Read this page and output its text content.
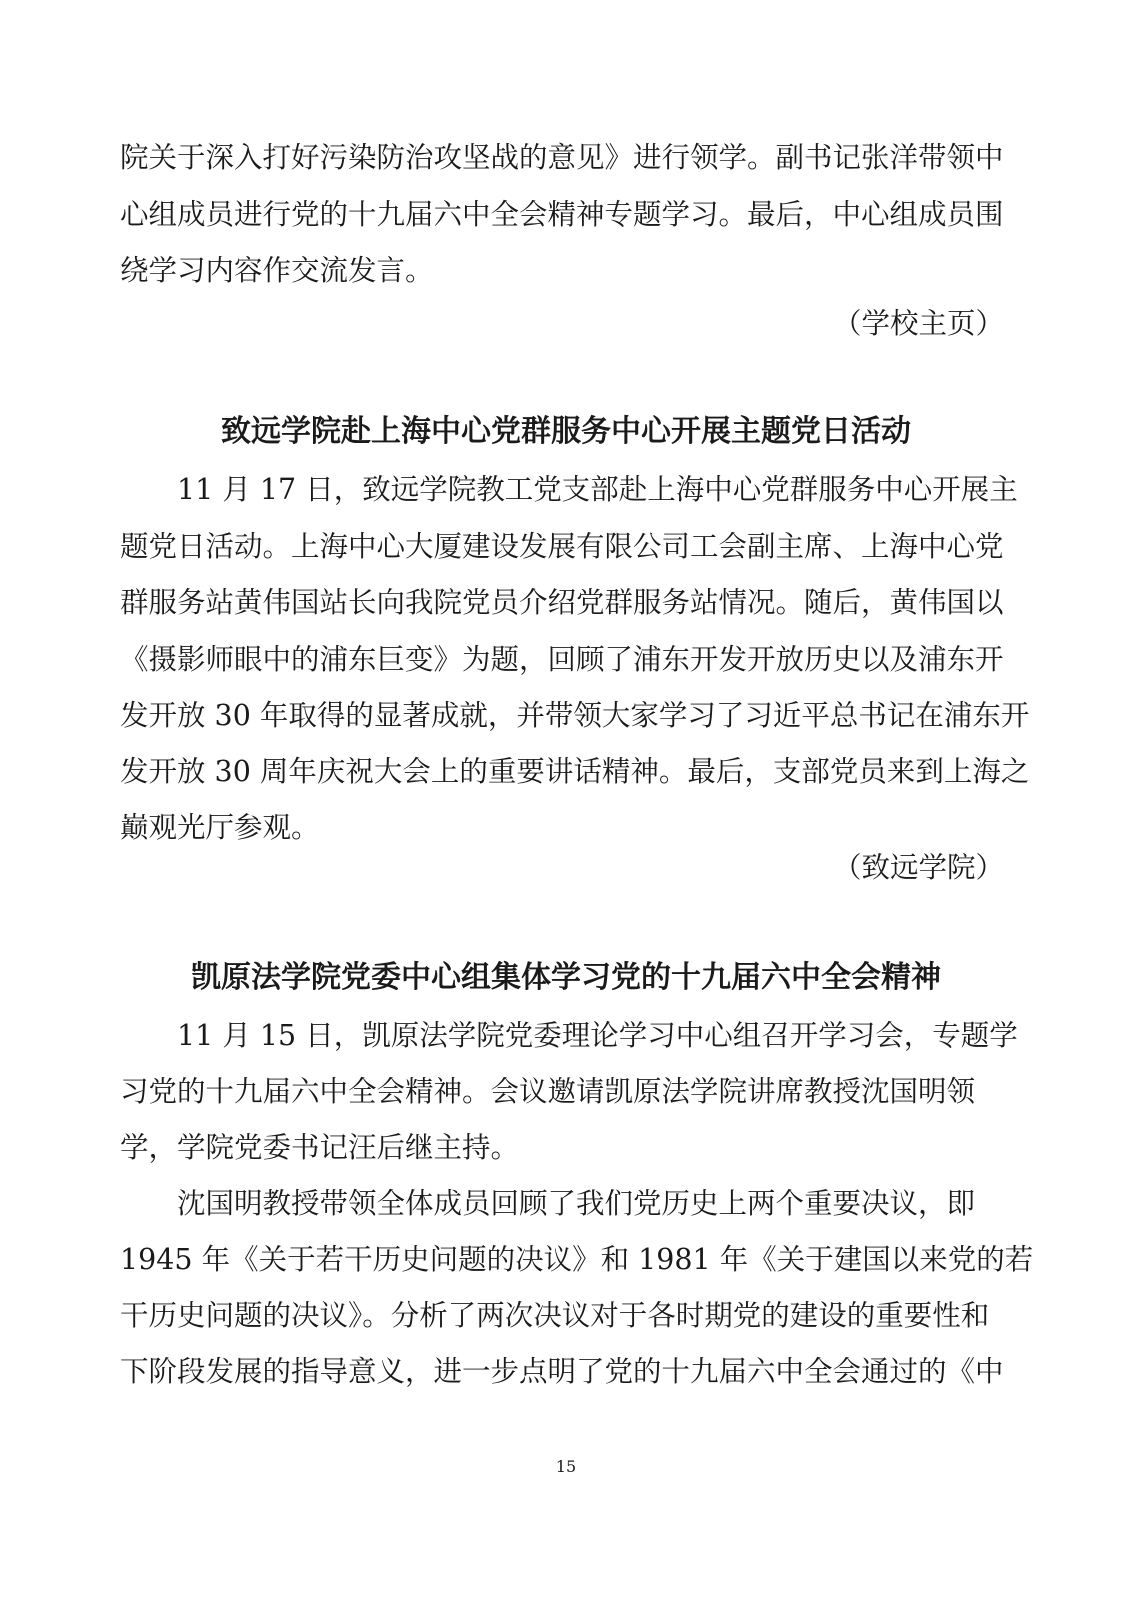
院关于深入打好污染防治攻坚战的意见》进行领学。副书记张洋带领中

心组成员进行党的十九届六中全会精神专题学习。最后，中心组成员围

绕学习内容作交流发言。

（学校主页）

致远学院赴上海中心党群服务中心开展主题党日活动

11 月 17 日，致远学院教工党支部赴上海中心党群服务中心开展主

题党日活动。上海中心大厦建设发展有限公司工会副主席、上海中心党

群服务站黄伟国站长向我院党员介绍党群服务站情况。随后，黄伟国以

《摄影师眼中的浦东巨变》为题，回顾了浦东开发开放历史以及浦东开

发开放 30 年取得的显著成就，并带领大家学习了习近平总书记在浦东开

发开放 30 周年庆祝大会上的重要讲话精神。最后，支部党员来到上海之

巅观光厅参观。

（致远学院）

凯原法学院党委中心组集体学习党的十九届六中全会精神

11 月 15 日，凯原法学院党委理论学习中心组召开学习会，专题学

习党的十九届六中全会精神。会议邀请凯原法学院讲席教授沈国明领

学，学院党委书记汪后继主持。

沈国明教授带领全体成员回顾了我们党历史上两个重要决议，即

1945 年《关于若干历史问题的决议》和 1981 年《关于建国以来党的若

干历史问题的决议》。分析了两次决议对于各时期党的建设的重要性和

下阶段发展的指导意义，进一步点明了党的十九届六中全会通过的《中

15
